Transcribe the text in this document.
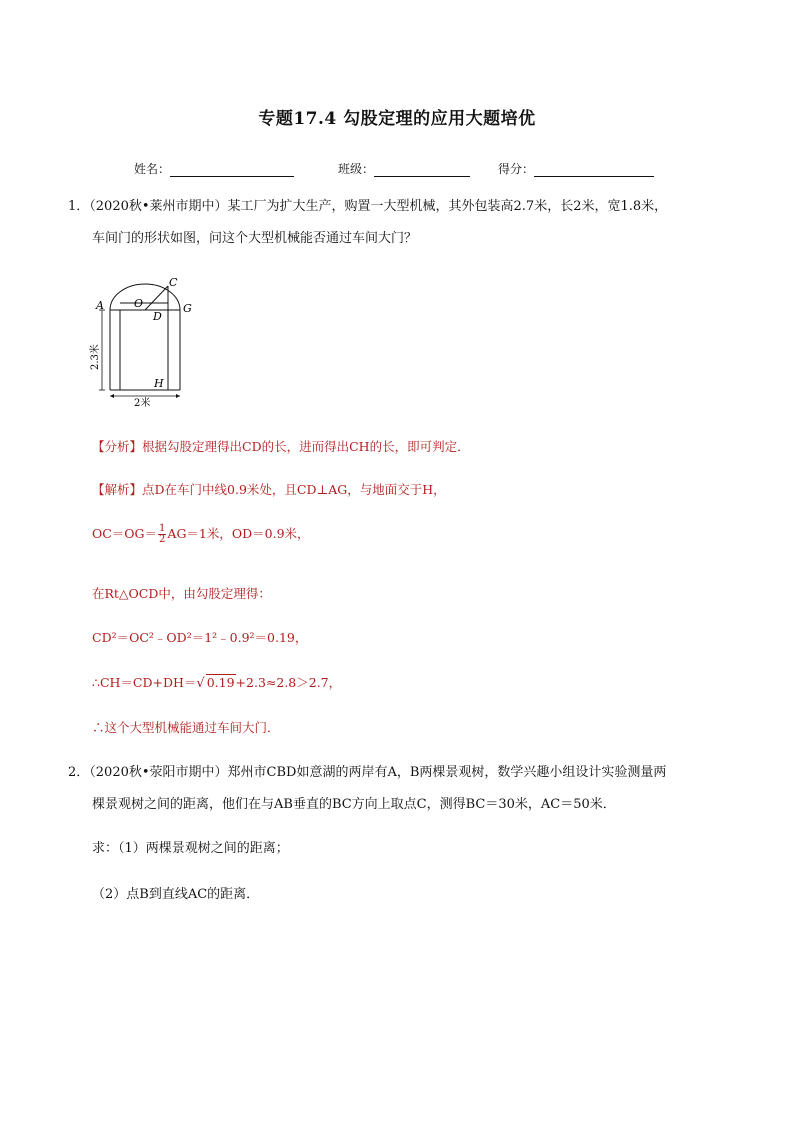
专题17.4 勾股定理的应用大题培优
姓名：	班级：	得分：
1．（2020秋•莱州市期中）某工厂为扩大生产，购置一大型机械，其外包装高2.7米，长2米，宽1.8米，
车间门的形状如图，问这个大型机械能否通过车间大门？
A
C
O	G
D
H
2.3米
2米
【分析】根据勾股定理得出CD的长，进而得出CH的长，即可判定．
【解析】点D在车门中线0.9米处，且CD⊥AG，与地面交于H，
$OC=OG= \frac{1}{2} AG=1$米，OD＝0.9米，
在Rt△OCD中，由勾股定理得：
CD²＝OC²﹣OD²＝1²﹣0.9²＝0.19，
∴CH＝CD+DH＝√ 0.19+2.3≈2.8＞2.7，
∴这个大型机械能通过车间大门．
2．（2020秋•荥阳市期中）郑州市CBD如意湖的两岸有A，B两棵景观树，数学兴趣小组设计实验测量两
棵景观树之间的距离，他们在与AB垂直的BC方向上取点C，测得BC＝30米，AC＝50米．
求：（1）两棵景观树之间的距离；
（2）点B到直线AC的距离．
